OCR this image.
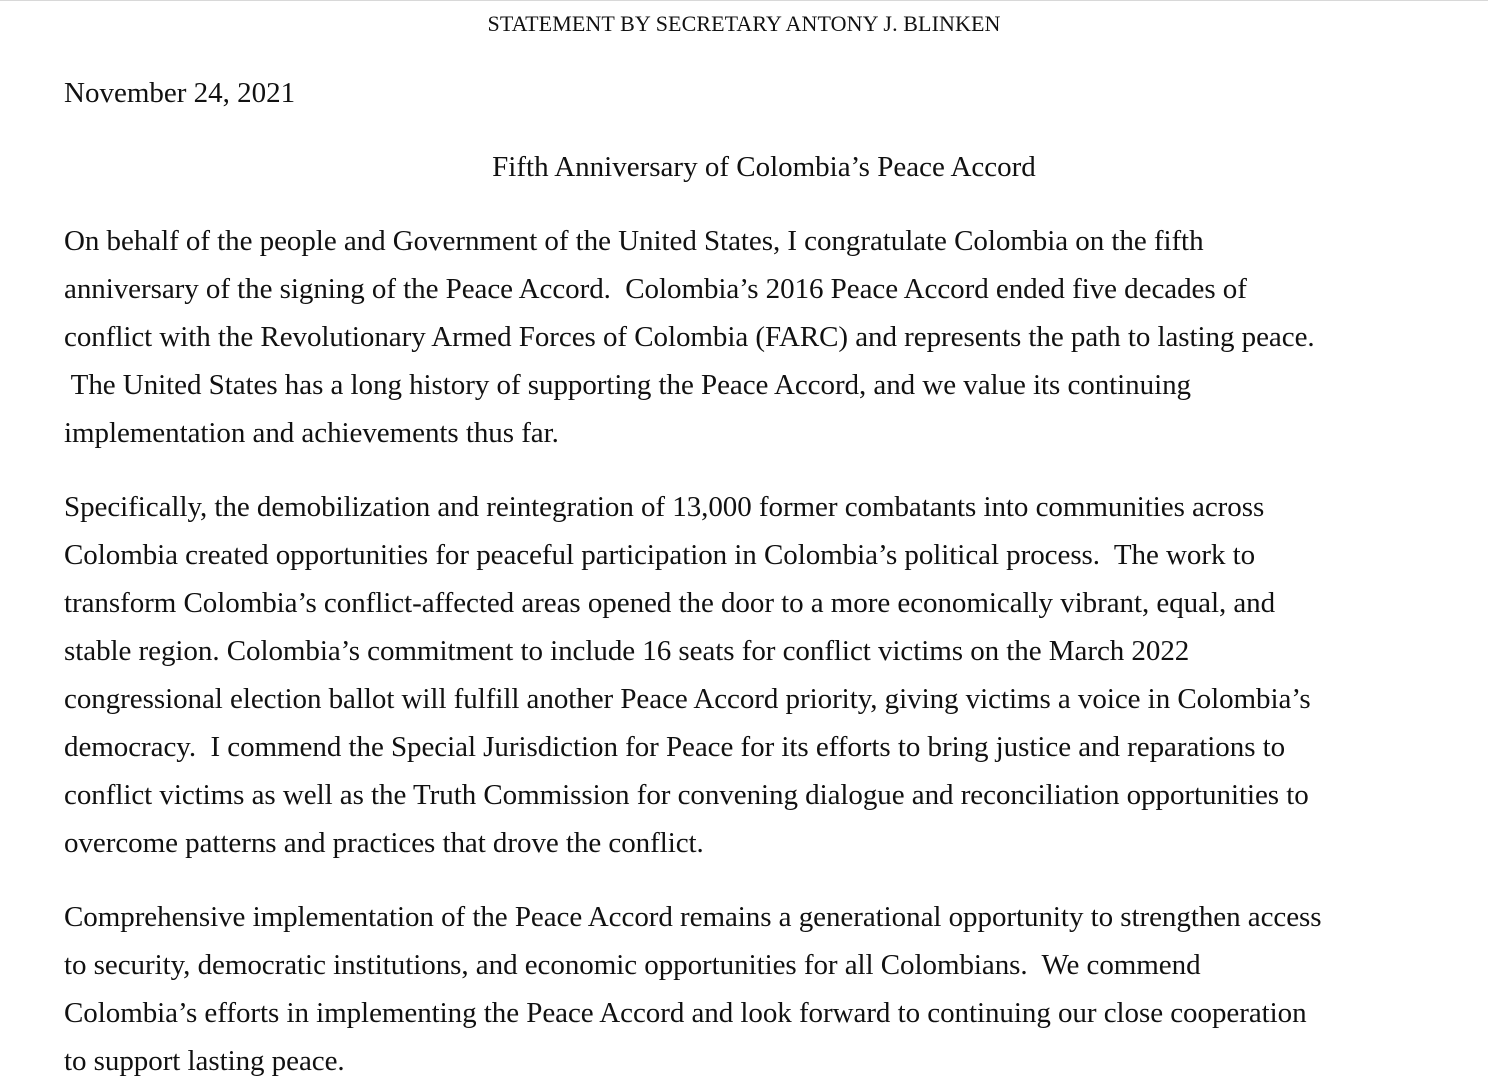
STATEMENT BY SECRETARY ANTONY J. BLINKEN
November 24, 2021
Fifth Anniversary of Colombia’s Peace Accord

On behalf of the people and Government of the United States, I congratulate Colombia on the fifth
anniversary of the signing of the Peace Accord.  Colombia’s 2016 Peace Accord ended five decades of
conflict with the Revolutionary Armed Forces of Colombia (FARC) and represents the path to lasting peace.
The United States has a long history of supporting the Peace Accord, and we value its continuing
implementation and achievements thus far.

Specifically, the demobilization and reintegration of 13,000 former combatants into communities across
Colombia created opportunities for peaceful participation in Colombia’s political process.  The work to
transform Colombia’s conflict-affected areas opened the door to a more economically vibrant, equal, and
stable region. Colombia’s commitment to include 16 seats for conflict victims on the March 2022
congressional election ballot will fulfill another Peace Accord priority, giving victims a voice in Colombia’s
democracy.  I commend the Special Jurisdiction for Peace for its efforts to bring justice and reparations to
conflict victims as well as the Truth Commission for convening dialogue and reconciliation opportunities to
overcome patterns and practices that drove the conflict.

Comprehensive implementation of the Peace Accord remains a generational opportunity to strengthen access
to security, democratic institutions, and economic opportunities for all Colombians.  We commend
Colombia’s efforts in implementing the Peace Accord and look forward to continuing our close cooperation
to support lasting peace.
